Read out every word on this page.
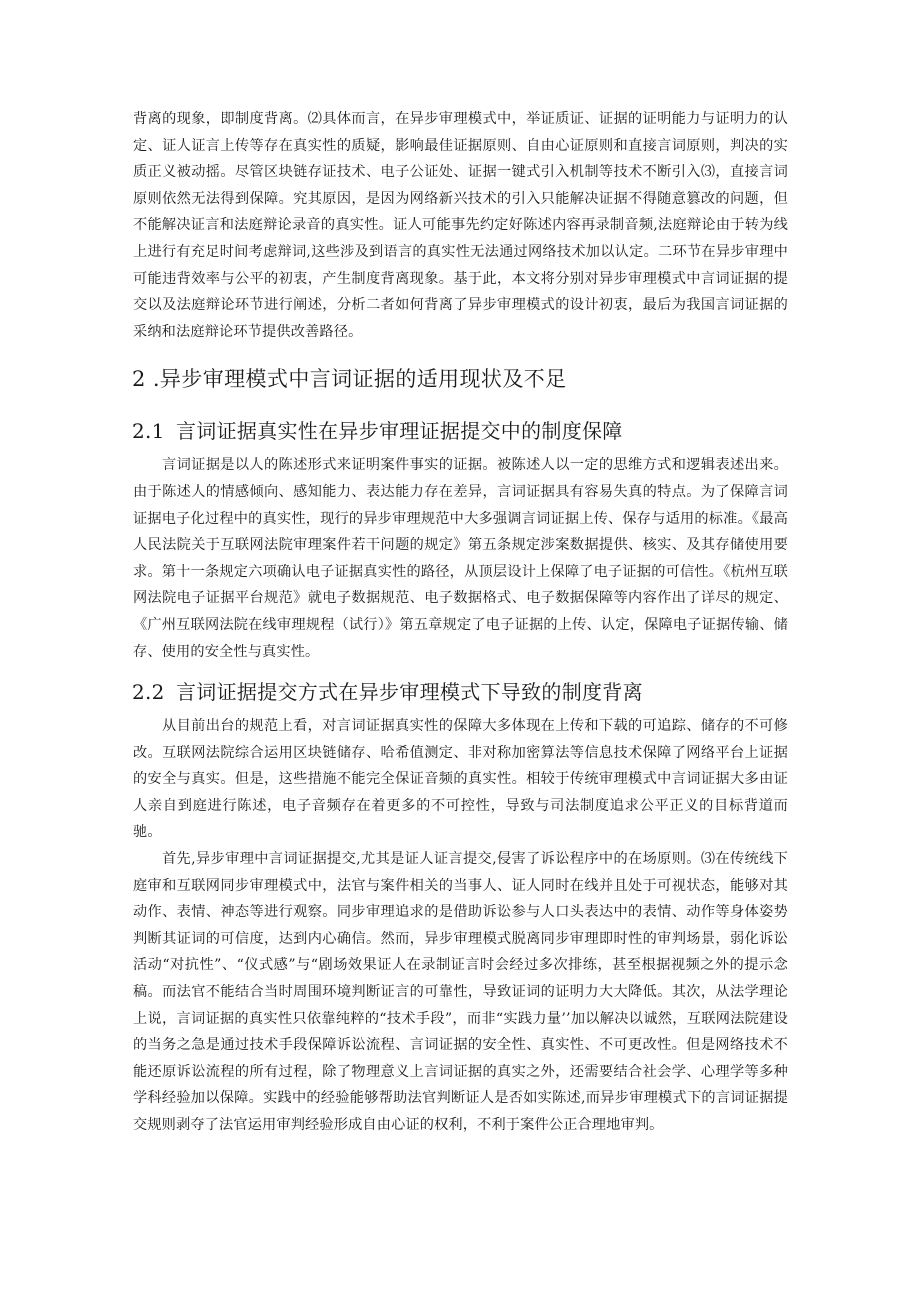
背离的现象，即制度背离。⑵具体而言，在异步审理模式中，举证质证、证据的证明能力与证明力的认定、证人证言上传等存在真实性的质疑，影响最佳证据原则、自由心证原则和直接言词原则，判决的实质正义被动摇。尽管区块链存证技术、电子公证处、证据一键式引入机制等技术不断引入⑶，直接言词原则依然无法得到保障。究其原因，是因为网络新兴技术的引入只能解决证据不得随意篡改的问题，但不能解决证言和法庭辩论录音的真实性。证人可能事先约定好陈述内容再录制音频,法庭辩论由于转为线上进行有充足时间考虑辩词,这些涉及到语言的真实性无法通过网络技术加以认定。二环节在异步审理中可能违背效率与公平的初衷，产生制度背离现象。基于此，本文将分别对异步审理模式中言词证据的提交以及法庭辩论环节进行阐述，分析二者如何背离了异步审理模式的设计初衷，最后为我国言词证据的采纳和法庭辩论环节提供改善路径。

2 .异步审理模式中言词证据的适用现状及不足
2.1 言词证据真实性在异步审理证据提交中的制度保障

言词证据是以人的陈述形式来证明案件事实的证据。被陈述人以一定的思维方式和逻辑表述出来。由于陈述人的情感倾向、感知能力、表达能力存在差异，言词证据具有容易失真的特点。为了保障言词证据电子化过程中的真实性，现行的异步审理规范中大多强调言词证据上传、保存与适用的标准。《最高人民法院关于互联网法院审理案件若干问题的规定》第五条规定涉案数据提供、核实、及其存储使用要求。第十一条规定六项确认电子证据真实性的路径，从顶层设计上保障了电子证据的可信性。《杭州互联网法院电子证据平台规范》就电子数据规范、电子数据格式、电子数据保障等内容作出了详尽的规定、《广州互联网法院在线审理规程（试行）》第五章规定了电子证据的上传、认定，保障电子证据传输、储存、使用的安全性与真实性。

2.2 言词证据提交方式在异步审理模式下导致的制度背离

从目前出台的规范上看，对言词证据真实性的保障大多体现在上传和下载的可追踪、储存的不可修改。互联网法院综合运用区块链储存、哈希值测定、非对称加密算法等信息技术保障了网络平台上证据的安全与真实。但是，这些措施不能完全保证音频的真实性。相较于传统审理模式中言词证据大多由证人亲自到庭进行陈述，电子音频存在着更多的不可控性，导致与司法制度追求公平正义的目标背道而驰。

首先,异步审理中言词证据提交,尤其是证人证言提交,侵害了诉讼程序中的在场原则。⑶在传统线下庭审和互联网同步审理模式中，法官与案件相关的当事人、证人同时在线并且处于可视状态，能够对其动作、表情、神态等进行观察。同步审理追求的是借助诉讼参与人口头表达中的表情、动作等身体姿势判断其证词的可信度，达到内心确信。然而，异步审理模式脱离同步审理即时性的审判场景，弱化诉讼活动“对抗性”、“仪式感”与“剧场效果证人在录制证言时会经过多次排练，甚至根据视频之外的提示念稿。而法官不能结合当时周围环境判断证言的可靠性，导致证词的证明力大大降低。其次，从法学理论上说，言词证据的真实性只依靠纯粹的“技术手段”，而非“实践力量’’加以解决以诚然，互联网法院建设的当务之急是通过技术手段保障诉讼流程、言词证据的安全性、真实性、不可更改性。但是网络技术不能还原诉讼流程的所有过程，除了物理意义上言词证据的真实之外，还需要结合社会学、心理学等多种学科经验加以保障。实践中的经验能够帮助法官判断证人是否如实陈述,而异步审理模式下的言词证据提交规则剥夺了法官运用审判经验形成自由心证的权利，不利于案件公正合理地审判。
